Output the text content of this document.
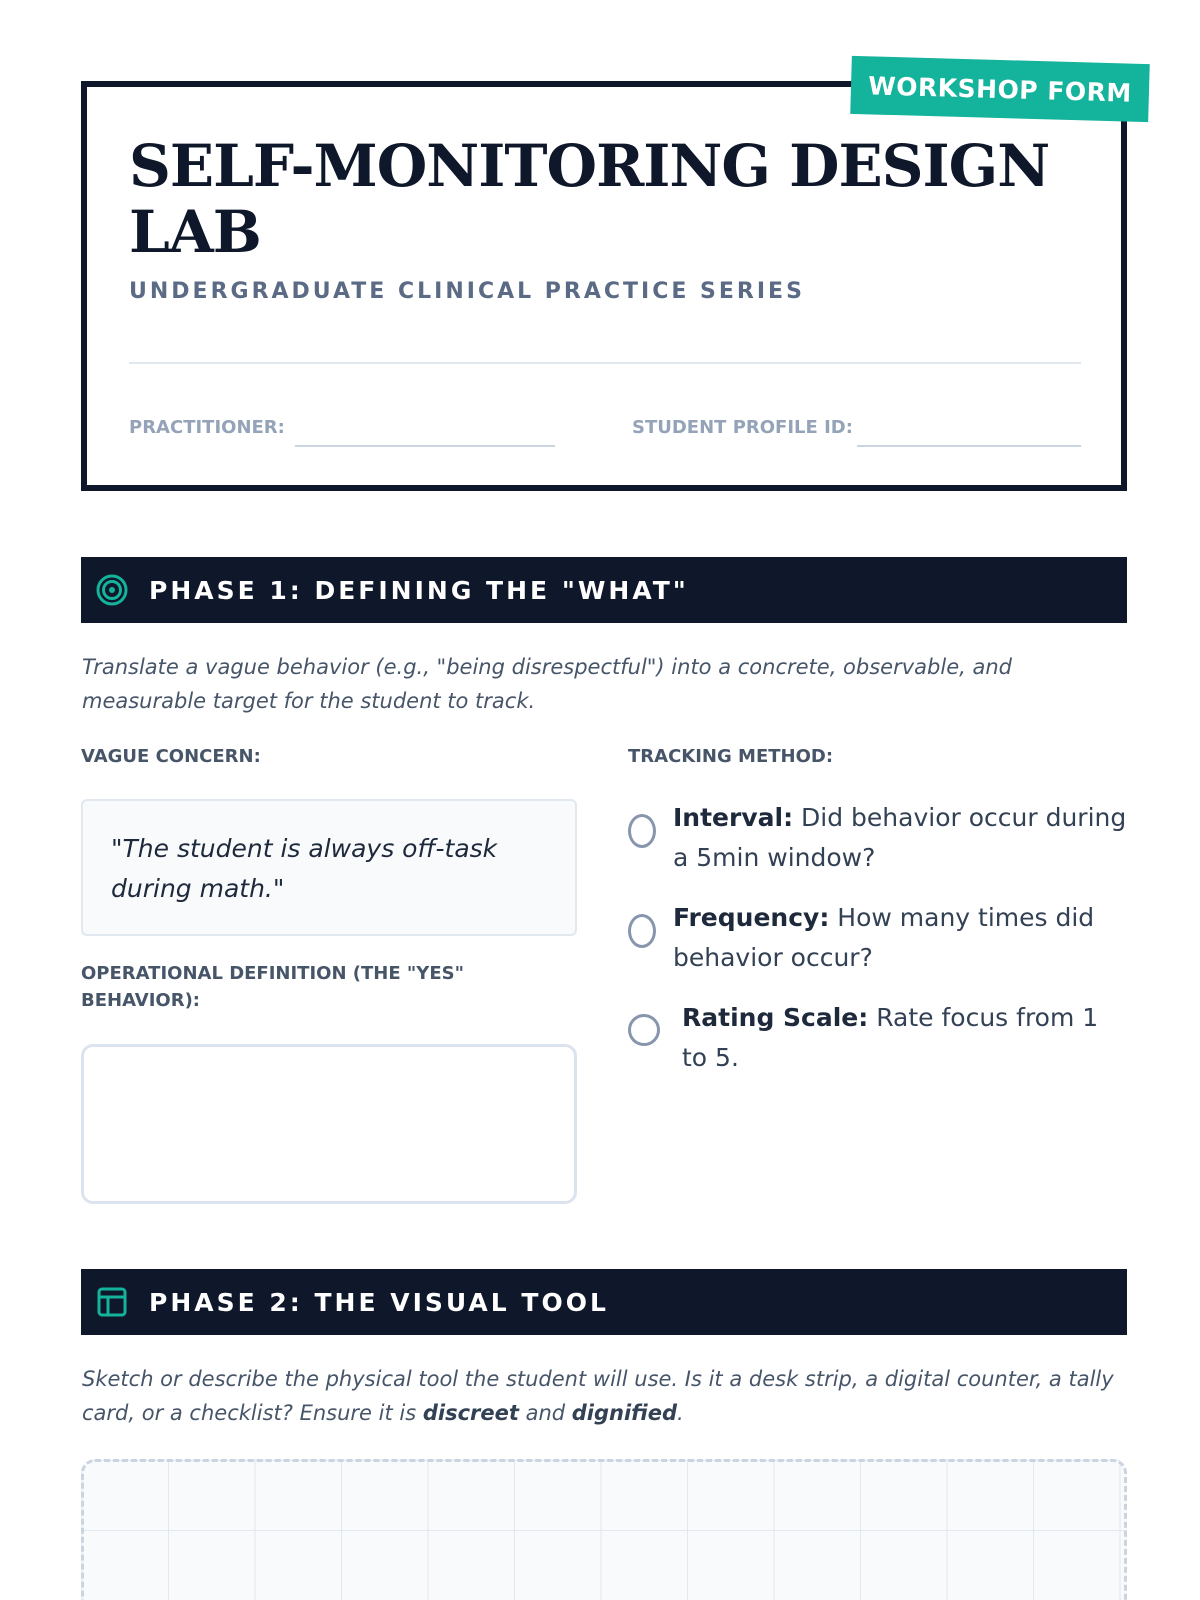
WORKSHOP FORM
SELF-MONITORING DESIGN LAB
UNDERGRADUATE CLINICAL PRACTICE SERIES
PRACTITIONER:	STUDENT PROFILE ID:
PHASE 1: DEFINING THE "WHAT"
Translate a vague behavior (e.g., "being disrespectful") into a concrete, observable, and measurable target for the student to track.
VAGUE CONCERN:
"The student is always off-task during math."
OPERATIONAL DEFINITION (THE "YES" BEHAVIOR):
TRACKING METHOD:
Interval: Did behavior occur during a 5min window?
Frequency: How many times did behavior occur?
Rating Scale: Rate focus from 1 to 5.
PHASE 2: THE VISUAL TOOL
Sketch or describe the physical tool the student will use. Is it a desk strip, a digital counter, a tally card, or a checklist? Ensure it is discreet and dignified.
